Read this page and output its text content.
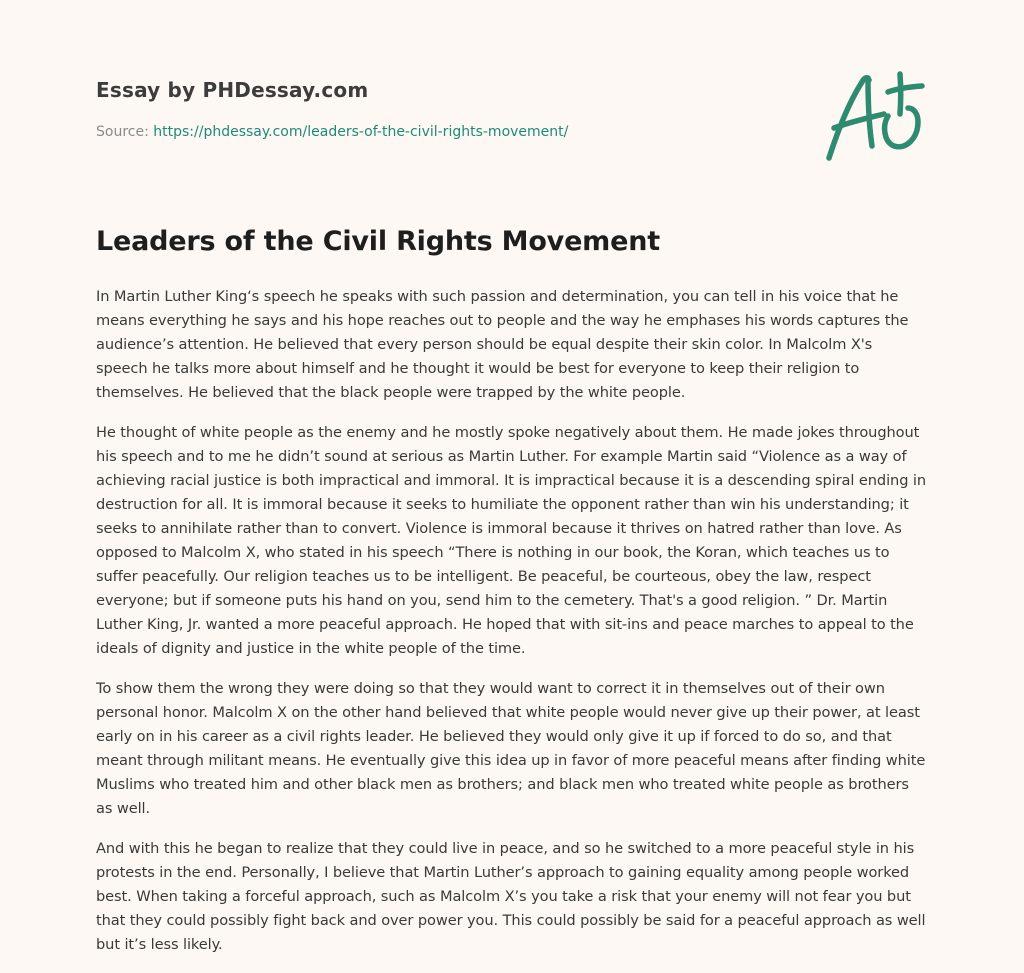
Essay by PHDessay.com
Source: https://phdessay.com/leaders-of-the-civil-rights-movement/
Leaders of the Civil Rights Movement

In Martin Luther King‘s speech he speaks with such passion and determination, you can tell in his voice that he means everything he says and his hope reaches out to people and the way he emphases his words captures the audience’s attention. He believed that every person should be equal despite their skin color. In Malcolm X's speech he talks more about himself and he thought it would be best for everyone to keep their religion to themselves. He believed that the black people were trapped by the white people.

He thought of white people as the enemy and he mostly spoke negatively about them. He made jokes throughout his speech and to me he didn’t sound at serious as Martin Luther. For example Martin said “Violence as a way of achieving racial justice is both impractical and immoral. It is impractical because it is a descending spiral ending in destruction for all. It is immoral because it seeks to humiliate the opponent rather than win his understanding; it seeks to annihilate rather than to convert. Violence is immoral because it thrives on hatred rather than love. As opposed to Malcolm X, who stated in his speech “There is nothing in our book, the Koran, which teaches us to suffer peacefully. Our religion teaches us to be intelligent. Be peaceful, be courteous, obey the law, respect everyone; but if someone puts his hand on you, send him to the cemetery. That's a good religion. ” Dr. Martin Luther King, Jr. wanted a more peaceful approach. He hoped that with sit-ins and peace marches to appeal to the ideals of dignity and justice in the white people of the time.

To show them the wrong they were doing so that they would want to correct it in themselves out of their own personal honor. Malcolm X on the other hand believed that white people would never give up their power, at least early on in his career as a civil rights leader. He believed they would only give it up if forced to do so, and that meant through militant means. He eventually give this idea up in favor of more peaceful means after finding white Muslims who treated him and other black men as brothers; and black men who treated white people as brothers as well.

And with this he began to realize that they could live in peace, and so he switched to a more peaceful style in his protests in the end. Personally, I believe that Martin Luther’s approach to gaining equality among people worked best. When taking a forceful approach, such as Malcolm X’s you take a risk that your enemy will not fear you but that they could possibly fight back and over power you. This could possibly be said for a peaceful approach as well but it’s less likely.
